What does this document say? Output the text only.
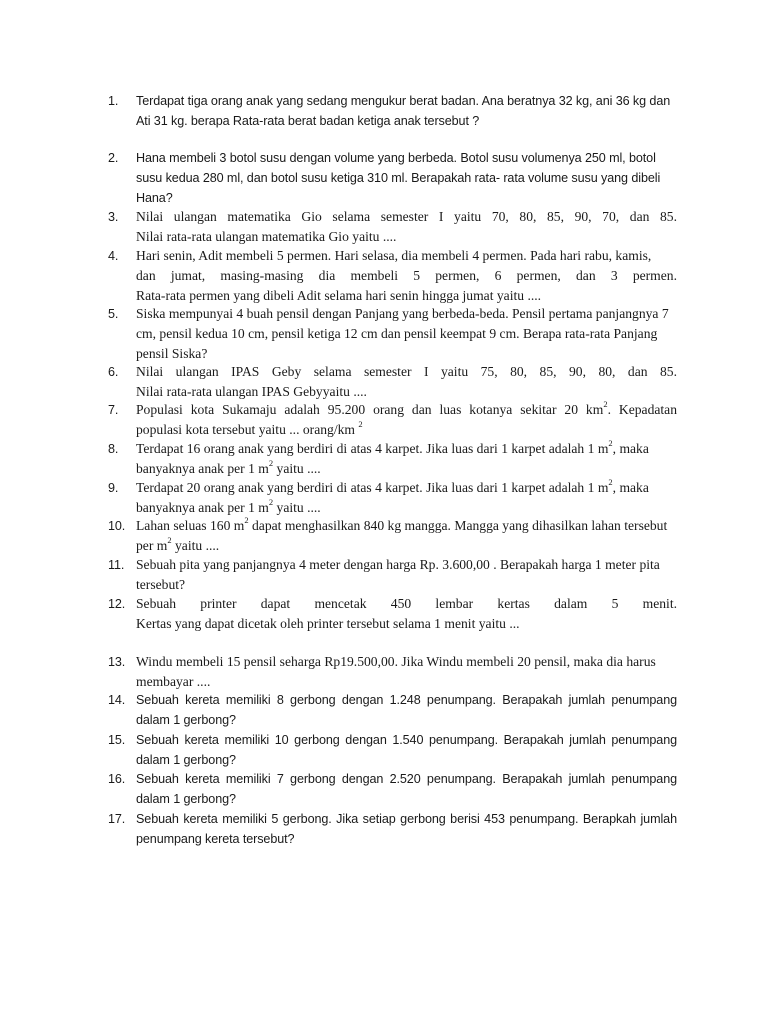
1.	Terdapat tiga orang anak yang sedang mengukur berat badan. Ana beratnya 32 kg, ani 36 kg dan
Ati 31 kg. berapa Rata-rata berat badan ketiga anak tersebut ?
2.	Hana membeli 3 botol susu dengan volume yang berbeda. Botol susu volumenya 250 ml, botol
susu kedua 280 ml, dan botol susu ketiga 310 ml. Berapakah rata- rata volume susu yang dibeli
Hana?
3.	Nilai ulangan matematika Gio selama semester I yaitu 70, 80, 85, 90, 70, dan 85.
Nilai rata-rata ulangan matematika Gio yaitu ....
4.	Hari senin, Adit membeli 5 permen. Hari selasa, dia membeli 4 permen. Pada hari rabu, kamis,
dan jumat, masing-masing dia membeli 5 permen, 6 permen, dan 3 permen.
Rata-rata permen yang dibeli Adit selama hari senin hingga jumat yaitu ....
5.	Siska mempunyai 4 buah pensil dengan Panjang yang berbeda-beda. Pensil pertama panjangnya 7
cm, pensil kedua 10 cm, pensil ketiga 12 cm dan pensil keempat 9 cm. Berapa rata-rata Panjang
pensil Siska?
6.	Nilai ulangan IPAS Geby selama semester I yaitu 75, 80, 85, 90, 80, dan 85.
Nilai rata-rata ulangan IPAS Gebyyaitu ....
7.	Populasi kota Sukamaju adalah 95.200 orang dan luas kotanya sekitar 20 $km^2$. Kepadatan
populasi kota tersebut yaitu ... orang/km $^2$
8.	Terdapat 16 orang anak yang berdiri di atas 4 karpet. Jika luas dari 1 karpet adalah 1 $m^2$, maka
banyaknya anak per 1 $m^2$ yaitu ....
9.	Terdapat 20 orang anak yang berdiri di atas 4 karpet. Jika luas dari 1 karpet adalah 1 $m^2$, maka
banyaknya anak per 1 $m^2$ yaitu ....
10. Lahan seluas 160 $m^2$ dapat menghasilkan 840 kg mangga. Mangga yang dihasilkan lahan tersebut
per $m^2$ yaitu ....
11. Sebuah pita yang panjangnya 4 meter dengan harga Rp. 3.600,00 . Berapakah harga 1 meter pita
tersebut?
12. Sebuah printer dapat mencetak 450 lembar kertas dalam 5 menit.
Kertas yang dapat dicetak oleh printer tersebut selama 1 menit yaitu ...
13. Windu membeli 15 pensil seharga Rp19.500,00. Jika Windu membeli 20 pensil, maka dia harus
membayar ....
14. Sebuah kereta memiliki 8 gerbong dengan 1.248 penumpang. Berapakah jumlah penumpang
dalam 1 gerbong?
15. Sebuah kereta memiliki 10 gerbong dengan 1.540 penumpang. Berapakah jumlah penumpang
dalam 1 gerbong?
16. Sebuah kereta memiliki 7 gerbong dengan 2.520 penumpang. Berapakah jumlah penumpang
dalam 1 gerbong?
17. Sebuah kereta memiliki 5 gerbong. Jika setiap gerbong berisi 453 penumpang. Berapkah jumlah
penumpang kereta tersebut?
